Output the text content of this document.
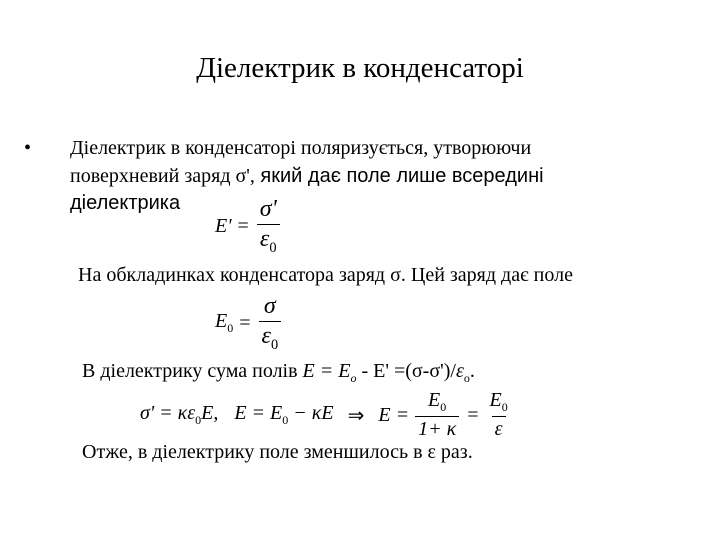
Діелектрик в конденсаторі
• Діелектрик в конденсаторі поляризується, утворюючи
поверхневий заряд σ', який дає поле лише всередині
діелектрика
$E' = \frac{\sigma'}{\varepsilon_0}$
На обкладинках конденсатора заряд σ. Цей заряд дає поле
$E_0 = \frac{\sigma}{\varepsilon_0}$
В діелектрику сума полів $E = E_o - E' =(\sigma-\sigma')/\varepsilon_o$.
$\sigma' = \kappa\varepsilon_0E$, $E = E_0 - \kappa E$ ⇒ $E = \frac{E_0}{1+ \kappa} = \frac{E_0}{\varepsilon}$
Отже, в діелектрику поле зменшилось в ε раз.
